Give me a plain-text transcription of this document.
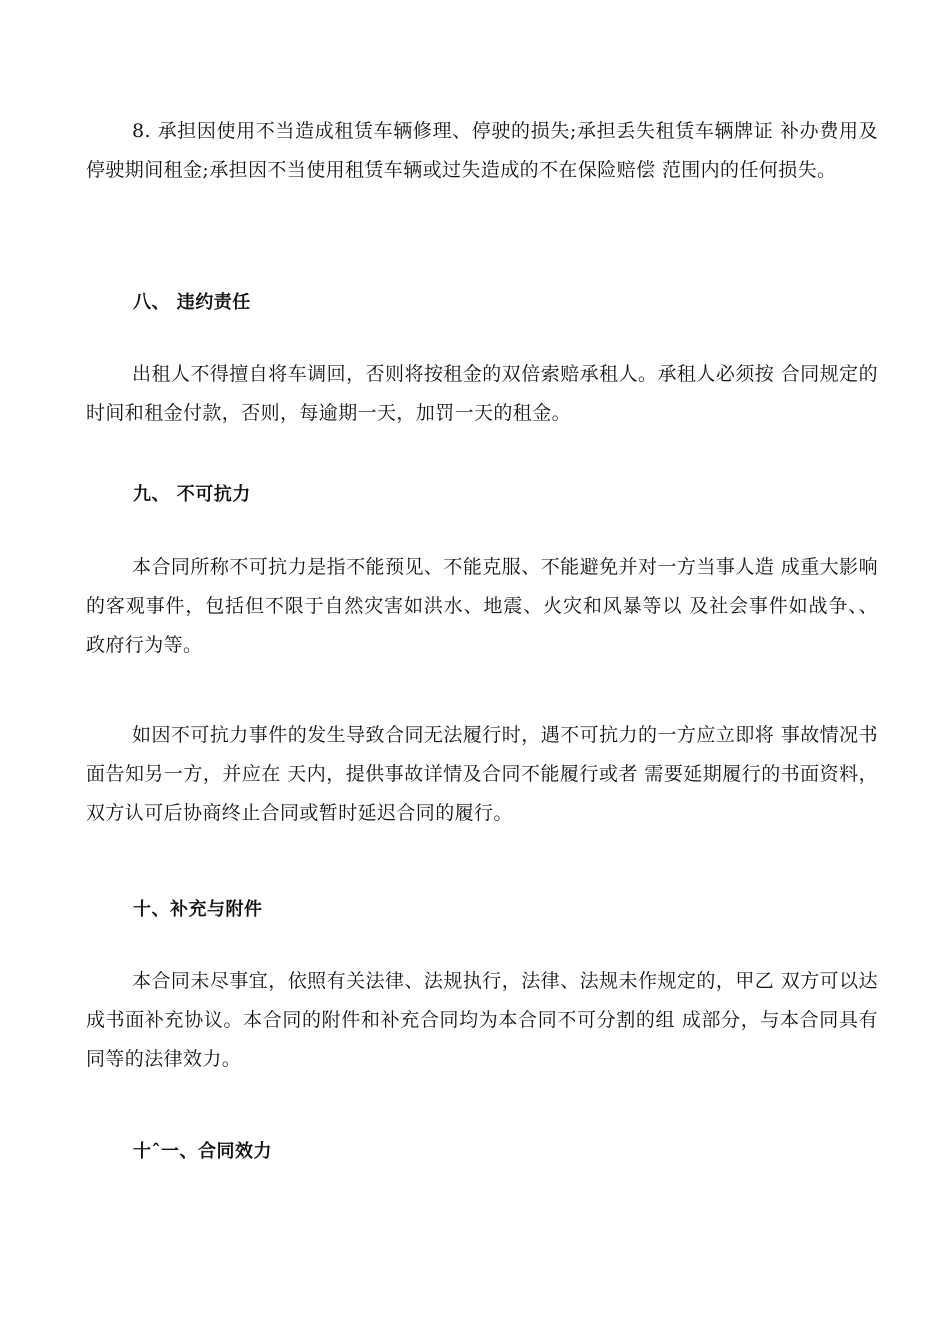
8. 承担因使用不当造成租赁车辆修理、停驶的损失;承担丢失租赁车辆牌证 补办费用及停驶期间租金;承担因不当使用租赁车辆或过失造成的不在保险赔偿 范围内的任何损失。

八、 违约责任

出租人不得擅自将车调回，否则将按租金的双倍索赔承租人。承租人必须按 合同规定的时间和租金付款，否则，每逾期一天，加罚一天的租金。

九、 不可抗力

本合同所称不可抗力是指不能预见、不能克服、不能避免并对一方当事人造 成重大影响的客观事件，包括但不限于自然灾害如洪水、地震、火灾和风暴等以 及社会事件如战争、、政府行为等。

如因不可抗力事件的发生导致合同无法履行时，遇不可抗力的一方应立即将 事故情况书面告知另一方，并应在 天内，提供事故详情及合同不能履行或者 需要延期履行的书面资料，双方认可后协商终止合同或暂时延迟合同的履行。

十、补充与附件

本合同未尽事宜，依照有关法律、法规执行，法律、法规未作规定的，甲乙 双方可以达成书面补充协议。本合同的附件和补充合同均为本合同不可分割的组 成部分，与本合同具有同等的法律效力。

十ˆ一、合同效力
